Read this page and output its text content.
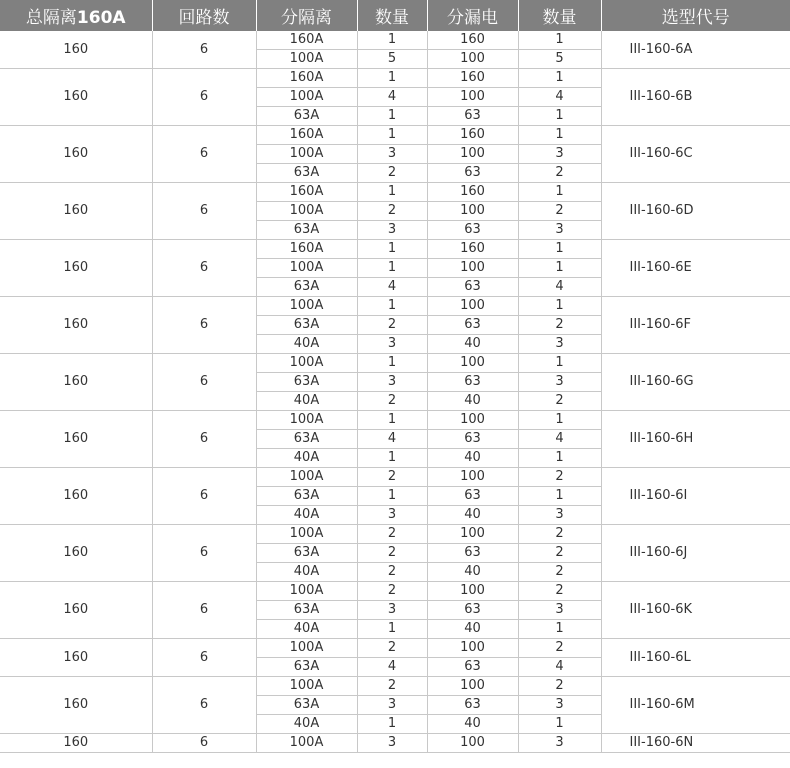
总隔离160A	回路数	分隔离	数量	分漏电	数量	选型代号
160	6	160A	1	160	1	III-160-6A
		100A	5	100	5	
160	6	160A	1	160	1	III-160-6B
		100A	4	100	4	
		63A	1	63	1	
160	6	160A	1	160	1	III-160-6C
		100A	3	100	3	
		63A	2	63	2	
160	6	160A	1	160	1	III-160-6D
		100A	2	100	2	
		63A	3	63	3	
160	6	160A	1	160	1	III-160-6E
		100A	1	100	1	
		63A	4	63	4	
160	6	100A	1	100	1	III-160-6F
		63A	2	63	2	
		40A	3	40	3	
160	6	100A	1	100	1	III-160-6G
		63A	3	63	3	
		40A	2	40	2	
160	6	100A	1	100	1	III-160-6H
		63A	4	63	4	
		40A	1	40	1	
160	6	100A	2	100	2	III-160-6I
		63A	1	63	1	
		40A	3	40	3	
160	6	100A	2	100	2	III-160-6J
		63A	2	63	2	
		40A	2	40	2	
160	6	100A	2	100	2	III-160-6K
		63A	3	63	3	
		40A	1	40	1	
160	6	100A	2	100	2	III-160-6L
		63A	4	63	4	
160	6	100A	2	100	2	III-160-6M
		63A	3	63	3	
		40A	1	40	1	
160	6	100A	3	100	3	III-160-6N
